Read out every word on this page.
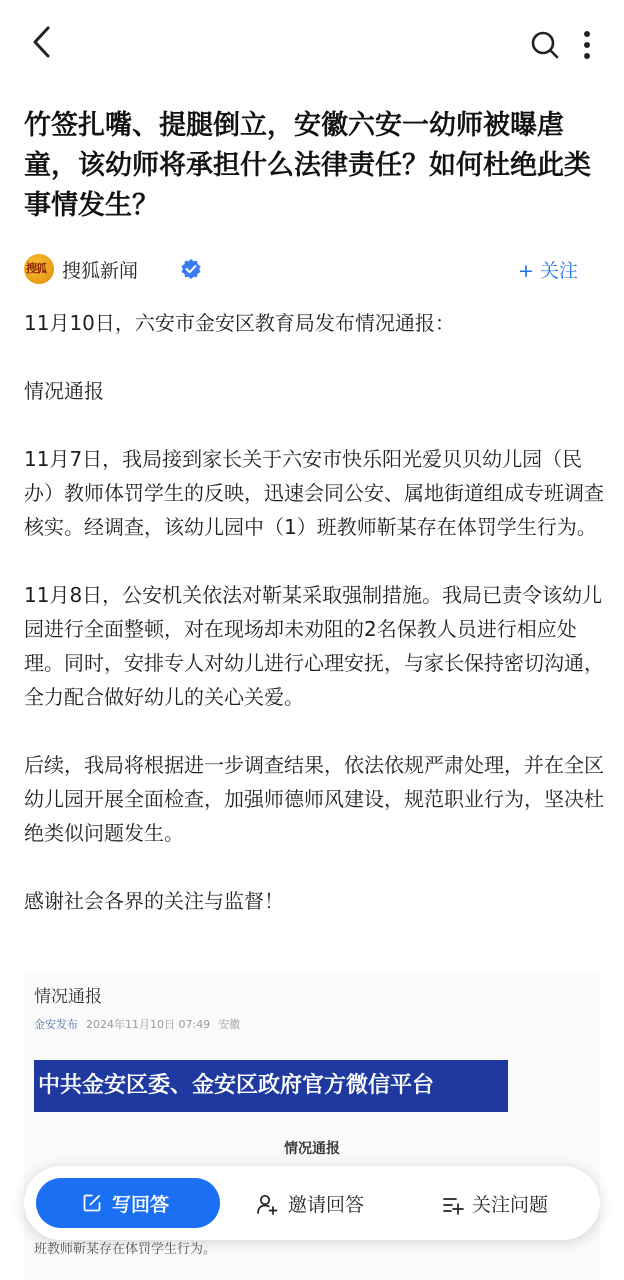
竹签扎嘴、提腿倒立，安徽六安一幼师被曝虐童，该幼师将承担什么法律责任？如何杜绝此类事情发生？
搜狐 搜狐新闻	+ 关注

11月10日，六安市金安区教育局发布情况通报：

情况通报

11月7日，我局接到家长关于六安市快乐阳光爱贝贝幼儿园（民办）教师体罚学生的反映，迅速会同公安、属地街道组成专班调查核实。经调查，该幼儿园中（1）班教师靳某存在体罚学生行为。

11月8日，公安机关依法对靳某采取强制措施。我局已责令该幼儿园进行全面整顿，对在现场却未劝阻的2名保教人员进行相应处理。同时，安排专人对幼儿进行心理安抚，与家长保持密切沟通，全力配合做好幼儿的关心关爱。

后续，我局将根据进一步调查结果，依法依规严肃处理，并在全区幼儿园开展全面检查，加强师德师风建设，规范职业行为，坚决杜绝类似问题发生。

感谢社会各界的关注与监督！

情况通报
金安发布 2024年11月10日 07:49 安徽
中共金安区委、金安区政府官方微信平台
情况通报
班教师靳某存在体罚学生行为。
写回答	邀请回答	关注问题
